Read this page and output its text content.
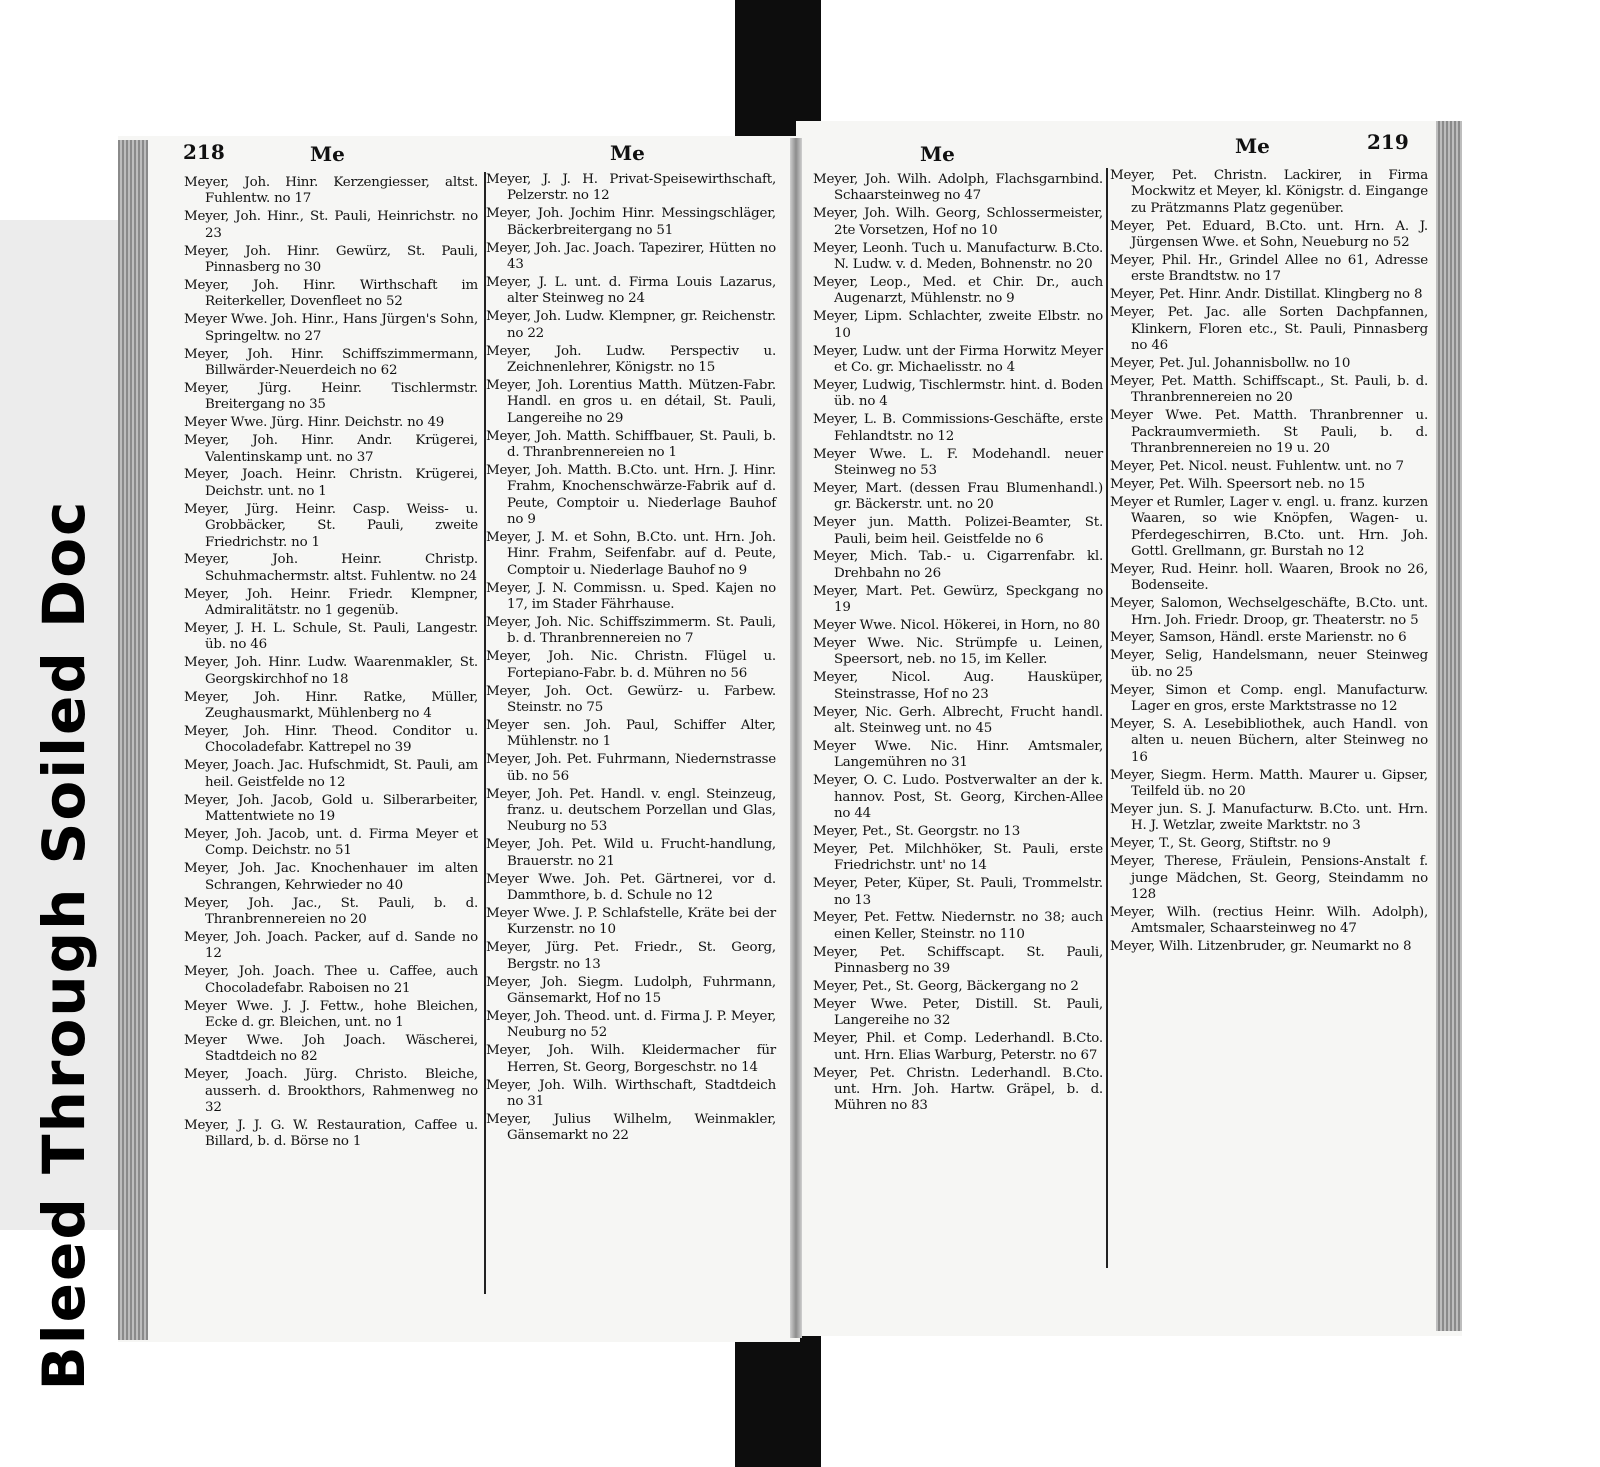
Bleed Through Soiled Doc
218	Me	Me	Me	Me	219

Meyer, Joh. Hinr. Kerzengiesser, altst. Fuhlentw. no 17

Meyer, Joh. Hinr., St. Pauli, Heinrichstr. no 23

Meyer, Joh. Hinr. Gewürz, St. Pauli, Pinnasberg no 30

Meyer, Joh. Hinr. Wirthschaft im Reiterkeller, Dovenfleet no 52

Meyer Wwe. Joh. Hinr., Hans Jürgen's Sohn, Springeltw. no 27

Meyer, Joh. Hinr. Schiffszimmermann, Billwärder-Neuerdeich no 62

Meyer, Jürg. Heinr. Tischlermstr. Breitergang no 35

Meyer Wwe. Jürg. Hinr. Deichstr. no 49

Meyer, Joh. Hinr. Andr. Krügerei, Valentinskamp unt. no 37

Meyer, Joach. Heinr. Christn. Krügerei, Deichstr. unt. no 1

Meyer, Jürg. Heinr. Casp. Weiss- u. Grobbäcker, St. Pauli, zweite Friedrichstr. no 1

Meyer, Joh. Heinr. Christp. Schuhmachermstr. altst. Fuhlentw. no 24

Meyer, Joh. Heinr. Friedr. Klempner, Admiralitätstr. no 1 gegenüb.

Meyer, J. H. L. Schule, St. Pauli, Langestr. üb. no 46

Meyer, Joh. Hinr. Ludw. Waarenmakler, St. Georgskirchhof no 18

Meyer, Joh. Hinr. Ratke, Müller, Zeughausmarkt, Mühlenberg no 4

Meyer, Joh. Hinr. Theod. Conditor u. Chocoladefabr. Kattrepel no 39

Meyer, Joach. Jac. Hufschmidt, St. Pauli, am heil. Geistfelde no 12

Meyer, Joh. Jacob, Gold u. Silberarbeiter, Mattentwiete no 19

Meyer, Joh. Jacob, unt. d. Firma Meyer et Comp. Deichstr. no 51

Meyer, Joh. Jac. Knochenhauer im alten Schrangen, Kehrwieder no 40

Meyer, Joh. Jac., St. Pauli, b. d. Thranbrennereien no 20

Meyer, Joh. Joach. Packer, auf d. Sande no 12

Meyer, Joh. Joach. Thee u. Caffee, auch Chocoladefabr. Raboisen no 21

Meyer Wwe. J. J. Fettw., hohe Bleichen, Ecke d. gr. Bleichen, unt. no 1

Meyer Wwe. Joh Joach. Wäscherei, Stadtdeich no 82

Meyer, Joach. Jürg. Christo. Bleiche, ausserh. d. Brookthors, Rahmenweg no 32

Meyer, J. J. G. W. Restauration, Caffee u. Billard, b. d. Börse no 1

Meyer, J. J. H. Privat-Speisewirthschaft, Pelzerstr. no 12

Meyer, Joh. Jochim Hinr. Messingschläger, Bäckerbreitergang no 51

Meyer, Joh. Jac. Joach. Tapezirer, Hütten no 43

Meyer, J. L. unt. d. Firma Louis Lazarus, alter Steinweg no 24

Meyer, Joh. Ludw. Klempner, gr. Reichenstr. no 22

Meyer, Joh. Ludw. Perspectiv u. Zeichnenlehrer, Königstr. no 15

Meyer, Joh. Lorentius Matth. Mützen-Fabr. Handl. en gros u. en détail, St. Pauli, Langereihe no 29

Meyer, Joh. Matth. Schiffbauer, St. Pauli, b. d. Thranbrennereien no 1

Meyer, Joh. Matth. B.Cto. unt. Hrn. J. Hinr. Frahm, Knochenschwärze-Fabrik auf d. Peute, Comptoir u. Niederlage Bauhof no 9

Meyer, J. M. et Sohn, B.Cto. unt. Hrn. Joh. Hinr. Frahm, Seifenfabr. auf d. Peute, Comptoir u. Niederlage Bauhof no 9

Meyer, J. N. Commissn. u. Sped. Kajen no 17, im Stader Fährhause.

Meyer, Joh. Nic. Schiffszimmerm. St. Pauli, b. d. Thranbrennereien no 7

Meyer, Joh. Nic. Christn. Flügel u. Fortepiano-Fabr. b. d. Mühren no 56

Meyer, Joh. Oct. Gewürz- u. Farbew. Steinstr. no 75

Meyer sen. Joh. Paul, Schiffer Alter, Mühlenstr. no 1

Meyer, Joh. Pet. Fuhrmann, Niedernstrasse üb. no 56

Meyer, Joh. Pet. Handl. v. engl. Steinzeug, franz. u. deutschem Porzellan und Glas, Neuburg no 53

Meyer, Joh. Pet. Wild u. Frucht-handlung, Brauerstr. no 21

Meyer Wwe. Joh. Pet. Gärtnerei, vor d. Dammthore, b. d. Schule no 12

Meyer Wwe. J. P. Schlafstelle, Kräte bei der Kurzenstr. no 10

Meyer, Jürg. Pet. Friedr., St. Georg, Bergstr. no 13

Meyer, Joh. Siegm. Ludolph, Fuhrmann, Gänsemarkt, Hof no 15

Meyer, Joh. Theod. unt. d. Firma J. P. Meyer, Neuburg no 52

Meyer, Joh. Wilh. Kleidermacher für Herren, St. Georg, Borgeschstr. no 14

Meyer, Joh. Wilh. Wirthschaft, Stadtdeich no 31

Meyer, Julius Wilhelm, Weinmakler, Gänsemarkt no 22

Meyer, Joh. Wilh. Adolph, Flachsgarnbind. Schaarsteinweg no 47

Meyer, Joh. Wilh. Georg, Schlossermeister, 2te Vorsetzen, Hof no 10

Meyer, Leonh. Tuch u. Manufacturw. B.Cto. N. Ludw. v. d. Meden, Bohnenstr. no 20

Meyer, Leop., Med. et Chir. Dr., auch Augenarzt, Mühlenstr. no 9

Meyer, Lipm. Schlachter, zweite Elbstr. no 10

Meyer, Ludw. unt der Firma Horwitz Meyer et Co. gr. Michaelisstr. no 4

Meyer, Ludwig, Tischlermstr. hint. d. Boden üb. no 4

Meyer, L. B. Commissions-Geschäfte, erste Fehlandtstr. no 12

Meyer Wwe. L. F. Modehandl. neuer Steinweg no 53

Meyer, Mart. (dessen Frau Blumenhandl.) gr. Bäckerstr. unt. no 20

Meyer jun. Matth. Polizei-Beamter, St. Pauli, beim heil. Geistfelde no 6

Meyer, Mich. Tab.- u. Cigarrenfabr. kl. Drehbahn no 26

Meyer, Mart. Pet. Gewürz, Speckgang no 19

Meyer Wwe. Nicol. Hökerei, in Horn, no 80

Meyer Wwe. Nic. Strümpfe u. Leinen, Speersort, neb. no 15, im Keller.

Meyer, Nicol. Aug. Hausküper, Steinstrasse, Hof no 23

Meyer, Nic. Gerh. Albrecht, Frucht handl. alt. Steinweg unt. no 45

Meyer Wwe. Nic. Hinr. Amtsmaler, Langemühren no 31

Meyer, O. C. Ludo. Postverwalter an der k. hannov. Post, St. Georg, Kirchen-Allee no 44

Meyer, Pet., St. Georgstr. no 13

Meyer, Pet. Milchhöker, St. Pauli, erste Friedrichstr. unt' no 14

Meyer, Peter, Küper, St. Pauli, Trommelstr. no 13

Meyer, Pet. Fettw. Niedernstr. no 38; auch einen Keller, Steinstr. no 110

Meyer, Pet. Schiffscapt. St. Pauli, Pinnasberg no 39

Meyer, Pet., St. Georg, Bäckergang no 2

Meyer Wwe. Peter, Distill. St. Pauli, Langereihe no 32

Meyer, Phil. et Comp. Lederhandl. B.Cto. unt. Hrn. Elias Warburg, Peterstr. no 67

Meyer, Pet. Christn. Lederhandl. B.Cto. unt. Hrn. Joh. Hartw. Gräpel, b. d. Mühren no 83

Meyer, Pet. Christn. Lackirer, in Firma Mockwitz et Meyer, kl. Königstr. d. Eingange zu Prätzmanns Platz gegenüber.

Meyer, Pet. Eduard, B.Cto. unt. Hrn. A. J. Jürgensen Wwe. et Sohn, Neueburg no 52

Meyer, Phil. Hr., Grindel Allee no 61, Adresse erste Brandtstw. no 17

Meyer, Pet. Hinr. Andr. Distillat. Klingberg no 8

Meyer, Pet. Jac. alle Sorten Dachpfannen, Klinkern, Floren etc., St. Pauli, Pinnasberg no 46

Meyer, Pet. Jul. Johannisbollw. no 10

Meyer, Pet. Matth. Schiffscapt., St. Pauli, b. d. Thranbrennereien no 20

Meyer Wwe. Pet. Matth. Thranbrenner u. Packraumvermieth. St Pauli, b. d. Thranbrennereien no 19 u. 20

Meyer, Pet. Nicol. neust. Fuhlentw. unt. no 7

Meyer, Pet. Wilh. Speersort neb. no 15

Meyer et Rumler, Lager v. engl. u. franz. kurzen Waaren, so wie Knöpfen, Wagen- u. Pferdegeschirren, B.Cto. unt. Hrn. Joh. Gottl. Grellmann, gr. Burstah no 12

Meyer, Rud. Heinr. holl. Waaren, Brook no 26, Bodenseite.

Meyer, Salomon, Wechselgeschäfte, B.Cto. unt. Hrn. Joh. Friedr. Droop, gr. Theaterstr. no 5

Meyer, Samson, Händl. erste Marienstr. no 6

Meyer, Selig, Handelsmann, neuer Steinweg üb. no 25

Meyer, Simon et Comp. engl. Manufacturw. Lager en gros, erste Marktstrasse no 12

Meyer, S. A. Lesebibliothek, auch Handl. von alten u. neuen Büchern, alter Steinweg no 16

Meyer, Siegm. Herm. Matth. Maurer u. Gipser, Teilfeld üb. no 20

Meyer jun. S. J. Manufacturw. B.Cto. unt. Hrn. H. J. Wetzlar, zweite Marktstr. no 3

Meyer, T., St. Georg, Stiftstr. no 9

Meyer, Therese, Fräulein, Pensions-Anstalt f. junge Mädchen, St. Georg, Steindamm no 128

Meyer, Wilh. (rectius Heinr. Wilh. Adolph), Amtsmaler, Schaarsteinweg no 47

Meyer, Wilh. Litzenbruder, gr. Neumarkt no 8
